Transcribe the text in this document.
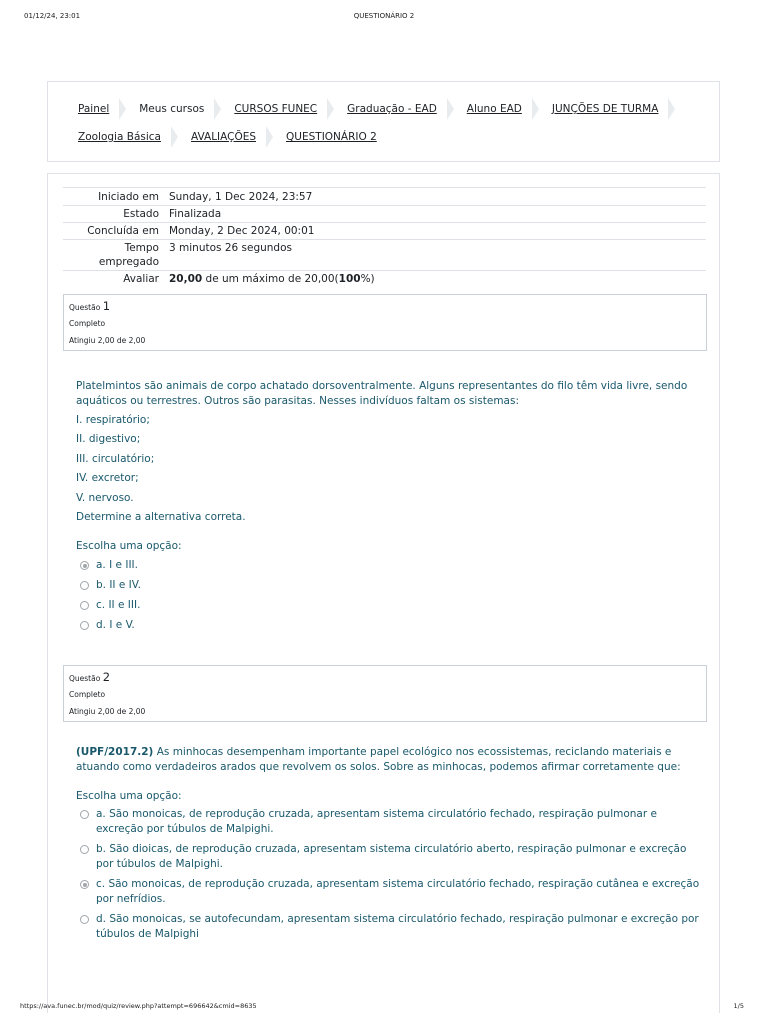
01/12/24, 23:01	QUESTIONÁRIO 2
Painel	Meus cursos	CURSOS FUNEC	Graduação - EAD	Aluno EAD	JUNÇÕES DE TURMA
Zoologia Básica	AVALIAÇÕES	QUESTIONÁRIO 2
Iniciado em	Sunday, 1 Dec 2024, 23:57
Estado	Finalizada
Concluída em	Monday, 2 Dec 2024, 00:01
Tempo
empregado	3 minutos 26 segundos
Avaliar	20,00 de um máximo de 20,00(100%)
Questão 1
Completo
Atingiu 2,00 de 2,00

Platelmintos são animais de corpo achatado dorsoventralmente. Alguns representantes do filo têm vida livre, sendo aquáticos ou terrestres. Outros são parasitas. Nesses indivíduos faltam os sistemas:

I. respiratório;

II. digestivo;

III. circulatório;

IV. excretor;

V. nervoso.

Determine a alternativa correta.

Escolha uma opção:
a. I e III.
b. II e IV.
c. II e III.
d. I e V.
Questão 2
Completo
Atingiu 2,00 de 2,00

(UPF/2017.2) As minhocas desempenham importante papel ecológico nos ecossistemas, reciclando materiais e atuando como verdadeiros arados que revolvem os solos. Sobre as minhocas, podemos afirmar corretamente que:

Escolha uma opção:
a. São monoicas, de reprodução cruzada, apresentam sistema circulatório fechado, respiração pulmonar e excreção por túbulos de Malpighi.
b. São dioicas, de reprodução cruzada, apresentam sistema circulatório aberto, respiração pulmonar e excreção por túbulos de Malpighi.
c. São monoicas, de reprodução cruzada, apresentam sistema circulatório fechado, respiração cutânea e excreção por nefrídios.
d. São monoicas, se autofecundam, apresentam sistema circulatório fechado, respiração pulmonar e excreção por túbulos de Malpighi
https://ava.funec.br/mod/quiz/review.php?attempt=696642&cmid=8635	1/5
